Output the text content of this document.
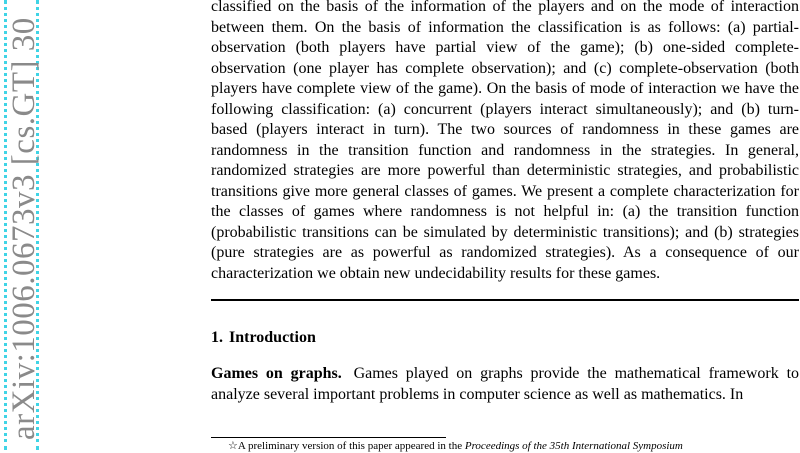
arXiv:1006.0673v3 [cs.GT] 30

classified on the basis of the information of the players and on the mode of interaction between them. On the basis of information the classification is as follows: (a) partial-observation (both players have partial view of the game); (b) one-sided complete-observation (one player has complete observation); and (c) complete-observation (both players have complete view of the game). On the basis of mode of interaction we have the following classification: (a) concurrent (players interact simultaneously); and (b) turn-based (players interact in turn). The two sources of randomness in these games are randomness in the transition function and randomness in the strategies. In general, randomized strategies are more powerful than deterministic strategies, and probabilistic transitions give more general classes of games. We present a complete characterization for the classes of games where randomness is not helpful in: (a) the transition function (probabilistic transitions can be simulated by deterministic transitions); and (b) strategies (pure strategies are as powerful as randomized strategies). As a consequence of our characterization we obtain new undecidability results for these games.

1. Introduction

Games on graphs. Games played on graphs provide the mathematical framework to analyze several important problems in computer science as well as mathematics. In

☆A preliminary version of this paper appeared in the Proceedings of the 35th International Symposium
